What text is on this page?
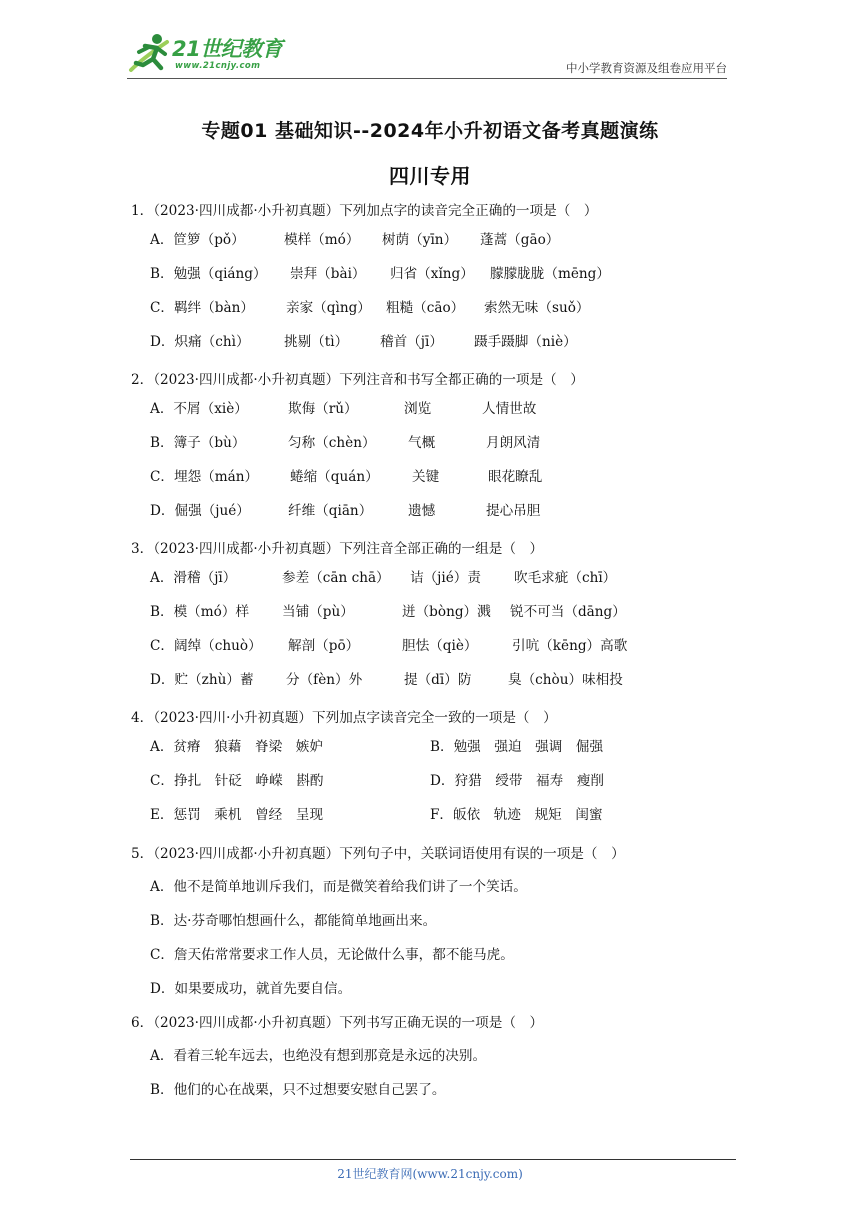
21世纪教育
www.21cnjy.com	中小学教育资源及组卷应用平台
专题01 基础知识--2024年小升初语文备考真题演练
四川专用
1．（2023·四川成都·小升初真题）下列加点字的读音完全正确的一项是（　）
A．笸箩（pǒ）	模样（mó） 树荫（yīn） 蓬蒿（gāo）
B．勉强（qiáng） 崇拜（bài） 归省（xǐng） 朦朦胧胧（mēng）
C．羁绊（bàn） 亲家（qìng） 粗糙（cāo） 索然无味（suǒ）
D．炽痛（chì）	挑剔（tì） 稽首（jī） 蹑手蹑脚（niè）
2．（2023·四川成都·小升初真题）下列注音和书写全都正确的一项是（　）
A．不屑（xiè）	欺侮（rǔ）	浏览	人情世故
B．簿子（bù）	匀称（chèn） 气概	月朗风清
C．埋怨（mán） 蜷缩（quán） 关键	眼花瞭乱
D．倔强（jué）	纤维（qiān）	遗憾	提心吊胆
3．（2023·四川成都·小升初真题）下列注音全部正确的一组是（　）
A．滑稽（jī）	参差（cān chā） 诘（jié）责 吹毛求疵（chī）
B．模（mó）样 当铺（pù）	迸（bòng）溅 锐不可当（dāng）
C．阔绰（chuò） 解剖（pō）	胆怯（qiè）	引吭（kēng）高歌
D．贮（zhù）蓄 分（fèn）外	提（dī）防	臭（chòu）味相投
4．（2023·四川·小升初真题）下列加点字读音完全一致的一项是（　）
A．贫瘠　狼藉　脊梁　嫉妒	B．勉强　强迫　强调　倔强
C．挣扎　针砭　峥嵘　斟酌	D．狩猎　绶带　福寿　瘦削
E．惩罚　乘机　曾经　呈现	F．皈依　轨迹　规矩　闺蜜
5．（2023·四川成都·小升初真题）下列句子中，关联词语使用有误的一项是（　）
A．他不是简单地训斥我们，而是微笑着给我们讲了一个笑话。
B．达·芬奇哪怕想画什么，都能简单地画出来。
C．詹天佑常常要求工作人员，无论做什么事，都不能马虎。
D．如果要成功，就首先要自信。
6．（2023·四川成都·小升初真题）下列书写正确无误的一项是（　）
A．看着三轮车远去，也绝没有想到那竟是永远的决别。
B．他们的心在战栗，只不过想要安慰自己罢了。
21世纪教育网(www.21cnjy.com)
